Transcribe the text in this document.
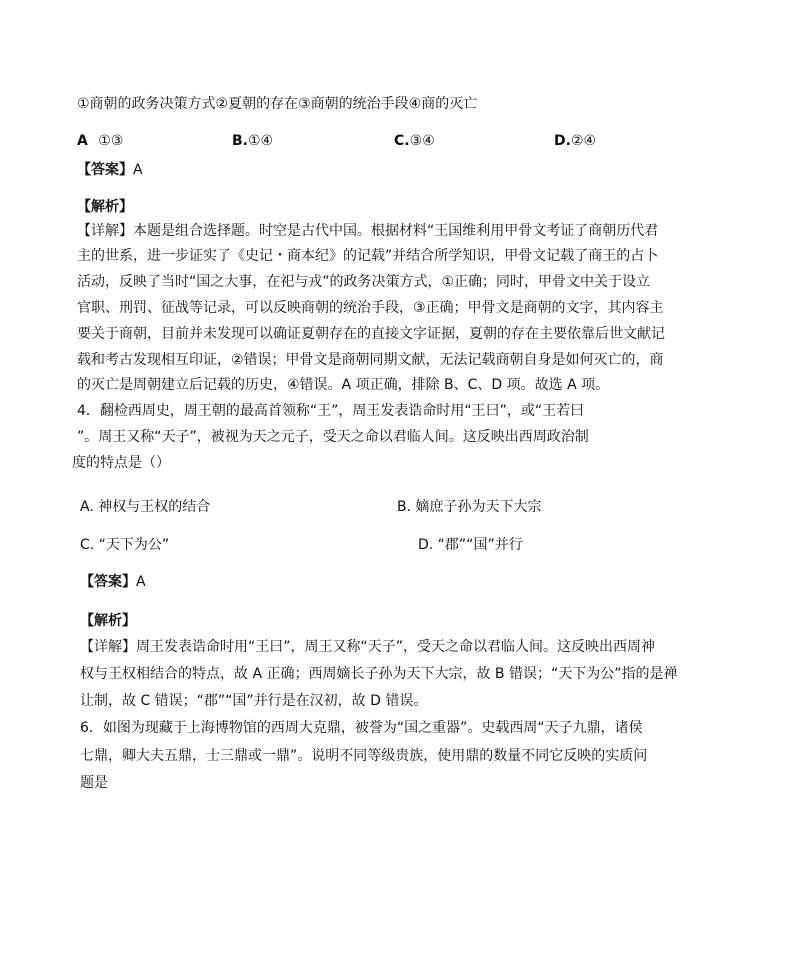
①商朝的政务决策方式②夏朝的存在③商朝的统治手段④商的灭亡
A ①③	B.①④	C.③④	D.②④
【答案】A
【解析】
【详解】本题是组合选择题。时空是古代中国。根据材料“王国维利用甲骨文考证了商朝历代君
主的世系，进一步证实了《史记・商本纪》的记载”并结合所学知识，甲骨文记载了商王的占卜
活动，反映了当时“国之大事，在祀与戎”的政务决策方式，①正确；同时，甲骨文中关于设立
官职、刑罚、征战等记录，可以反映商朝的统治手段，③正确；甲骨文是商朝的文字，其内容主
要关于商朝，目前并未发现可以确证夏朝存在的直接文字证据，夏朝的存在主要依靠后世文献记
载和考古发现相互印证，②错误；甲骨文是商朝同期文献，无法记载商朝自身是如何灭亡的，商
的灭亡是周朝建立后记载的历史，④错误。A 项正确，排除 B、C、D 项。故选 A 项。
4．翻检西周史，周王朝的最高首领称“王”，周王发表诰命时用“王曰”，或“王若曰
”。周王又称“天子”，被视为天之元子，受天之命以君临人间。这反映出西周政治制
度的特点是（）
A. 神权与王权的结合	B. 嫡庶子孙为天下大宗
C. “天下为公”	D. “郡”“国”并行
【答案】A
【解析】
【详解】周王发表诰命时用“王曰”，周王又称“天子”，受天之命以君临人间。这反映出西周神
权与王权相结合的特点，故 A 正确；西周嫡长子孙为天下大宗，故 B 错误；“天下为公”指的是禅
让制，故 C 错误；“郡”“国”并行是在汉初，故 D 错误。
6．如图为现藏于上海博物馆的西周大克鼎，被誉为“国之重器”。史载西周“天子九鼎，诸侯
七鼎，卿大夫五鼎，士三鼎或一鼎”。说明不同等级贵族，使用鼎的数量不同它反映的实质问
题是
